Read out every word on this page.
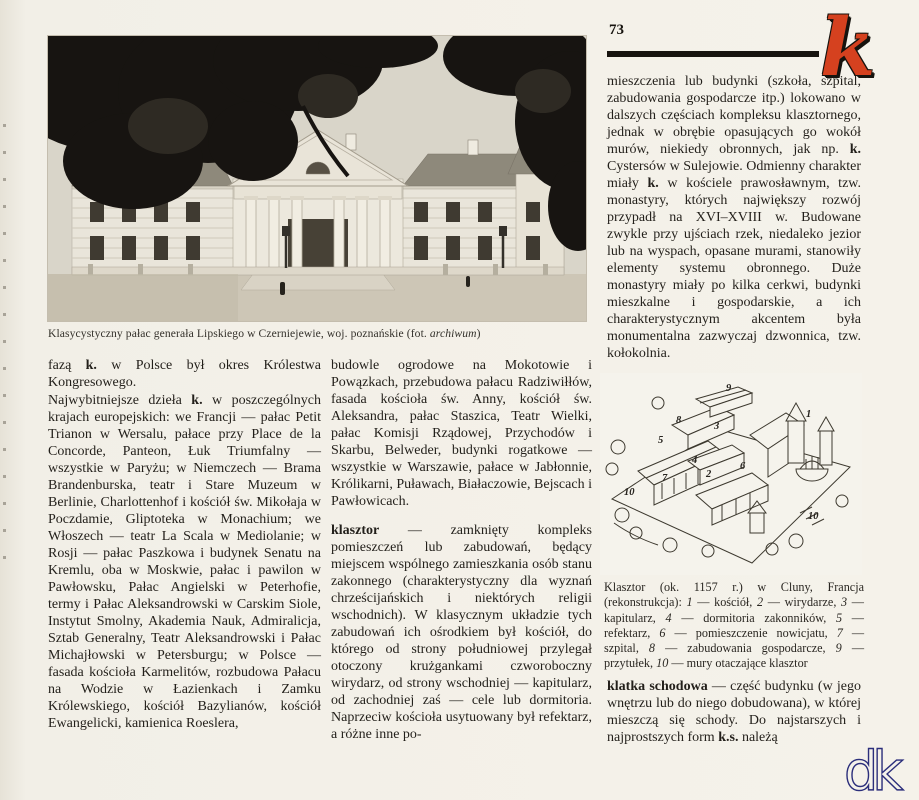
Klasycystyczny pałac generała Lipskiego w Czerniejewie, woj. poznańskie (fot. archiwum)
73 k

fazą k. w Polsce był okres Królestwa Kongresowego.

Najwybitniejsze dzieła k. w poszczególnych krajach europejskich: we Francji — pałac Petit Trianon w Wersalu, pałace przy Place de la Concorde, Panteon, Łuk Triumfalny — wszystkie w Paryżu; w Niemczech — Brama Brandenburska, teatr i Stare Muzeum w Berlinie, Charlottenhof i kościół św. Mikołaja w Poczdamie, Gliptoteka w Monachium; we Włoszech — teatr La Scala w Mediolanie; w Rosji — pałac Paszkowa i budynek Senatu na Kremlu, oba w Moskwie, pałac i pawilon w Pawłowsku, Pałac Angielski w Peterhofie, termy i Pałac Aleksandrowski w Carskim Siole, Instytut Smolny, Akademia Nauk, Admiralicja, Sztab Generalny, Teatr Aleksandrowski i Pałac Michajłowski w Petersburgu; w Polsce — fasada kościoła Karmelitów, rozbudowa Pałacu na Wodzie w Łazienkach i Zamku Królewskiego, kościół Bazylianów, kościół Ewangelicki, kamienica Roeslera,

budowle ogrodowe na Mokotowie i Powązkach, przebudowa pałacu Radziwiłłów, fasada kościoła św. Anny, kościół św. Aleksandra, pałac Staszica, Teatr Wielki, pałac Komisji Rządowej, Przychodów i Skarbu, Belweder, budynki rogatkowe — wszystkie w Warszawie, pałace w Jabłonnie, Królikarni, Puławach, Białaczowie, Bejscach i Pawłowicach.

klasztor — zamknięty kompleks pomieszczeń lub zabudowań, będący miejscem wspólnego zamieszkania osób stanu zakonnego (charakterystyczny dla wyznań chrześcijańskich i niektórych religii wschodnich). W klasycznym układzie tych zabudowań ich ośrodkiem był kościół, do którego od strony południowej przylegał otoczony krużgankami czworoboczny wirydarz, od strony wschodniej — kapitularz, od zachodniej zaś — cele lub dormitoria. Naprzeciw kościoła usytuowany był refektarz, a różne inne po-

mieszczenia lub budynki (szkoła, szpital, zabudowania gospodarcze itp.) lokowano w dalszych częściach kompleksu klasztornego, jednak w obrębie opasujących go wokół murów, niekiedy obronnych, jak np. k. Cystersów w Sulejowie. Odmienny charakter miały k. w kościele prawosławnym, tzw. monastyry, których największy rozwój przypadł na XVI–XVIII w. Budowane zwykle przy ujściach rzek, niedaleko jezior lub na wyspach, opasane murami, stanowiły elementy systemu obronnego. Duże monastyry miały po kilka cerkwi, budynki mieszkalne i gospodarskie, a ich charakterystycznym akcentem była monumentalna zazwyczaj dzwonnica, tzw. kołokolnia.

1
2
3
4
5
6
7
8
9
10
10
Klasztor (ok. 1157 r.) w Cluny, Francja (rekonstrukcja): 1 — kościół, 2 — wirydarze, 3 — kapitularz, 4 — dormitoria zakonników, 5 — refektarz, 6 — pomieszczenie nowicjatu, 7 — szpital, 8 — zabudowania gospodarcze, 9 — przytułek, 10 — mury otaczające klasztor

klatka schodowa — część budynku (w jego wnętrzu lub do niego dobudowana), w której mieszczą się schody. Do najstarszych i najprostszych form k.s. należą

dk
